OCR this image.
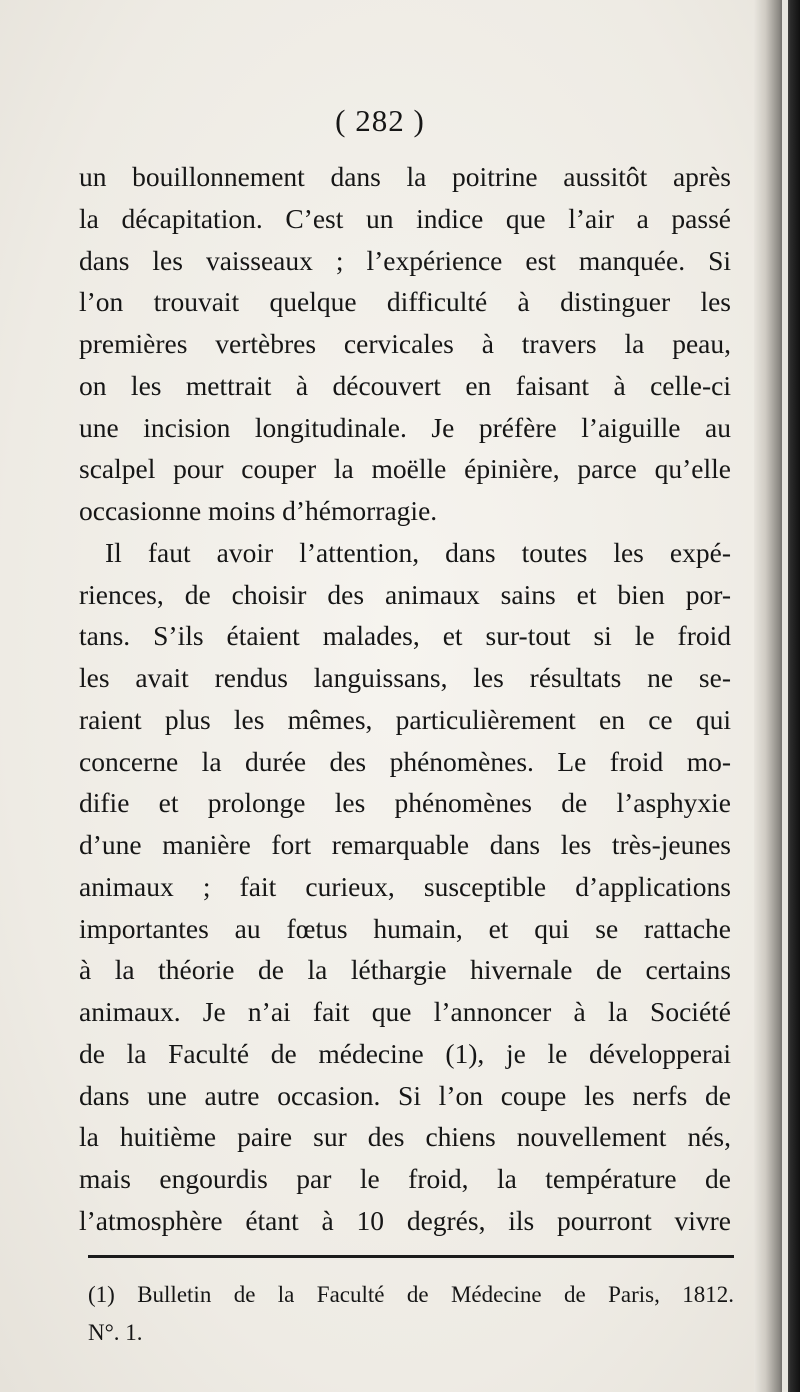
( 282 )
un bouillonnement dans la poitrine aussitôt après
la décapitation. C’est un indice que l’air a passé
dans les vaisseaux ; l’expérience est manquée. Si
l’on trouvait quelque difficulté à distinguer les
premières vertèbres cervicales à travers la peau,
on les mettrait à découvert en faisant à celle-ci
une incision longitudinale. Je préfère l’aiguille au
scalpel pour couper la moëlle épinière, parce qu’elle
occasionne moins d’hémorragie.
Il faut avoir l’attention, dans toutes les expé-
riences, de choisir des animaux sains et bien por-
tans. S’ils étaient malades, et sur-tout si le froid
les avait rendus languissans, les résultats ne se-
raient plus les mêmes, particulièrement en ce qui
concerne la durée des phénomènes. Le froid mo-
difie et prolonge les phénomènes de l’asphyxie
d’une manière fort remarquable dans les très-jeunes
animaux ; fait curieux, susceptible d’applications
importantes au fœtus humain, et qui se rattache
à la théorie de la léthargie hivernale de certains
animaux. Je n’ai fait que l’annoncer à la Société
de la Faculté de médecine (1), je le développerai
dans une autre occasion. Si l’on coupe les nerfs de
la huitième paire sur des chiens nouvellement nés,
mais engourdis par le froid, la température de
l’atmosphère étant à 10 degrés, ils pourront vivre
(1) Bulletin de la Faculté de Médecine de Paris, 1812.
N°. 1.
